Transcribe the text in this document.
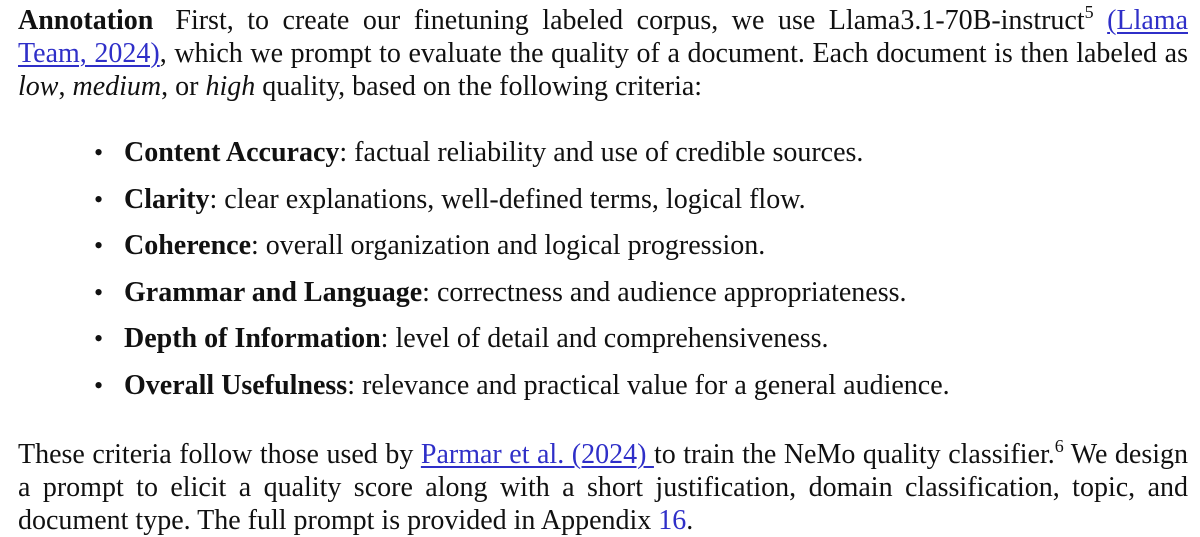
Annotation First, to create our finetuning labeled corpus, we use Llama3.1-70B-instruct$^5$ (Llama Team, 2024), which we prompt to evaluate the quality of a document. Each document is then labeled as low, medium, or high quality, based on the following criteria:

• Content Accuracy: factual reliability and use of credible sources.
• Clarity: clear explanations, well-defined terms, logical flow.
• Coherence: overall organization and logical progression.
• Grammar and Language: correctness and audience appropriateness.
• Depth of Information: level of detail and comprehensiveness.
• Overall Usefulness: relevance and practical value for a general audience.

These criteria follow those used by Parmar et al. (2024) to train the NeMo quality classifier.$^6$ We design a prompt to elicit a quality score along with a short justification, domain classification, topic, and document type. The full prompt is provided in Appendix 16.
